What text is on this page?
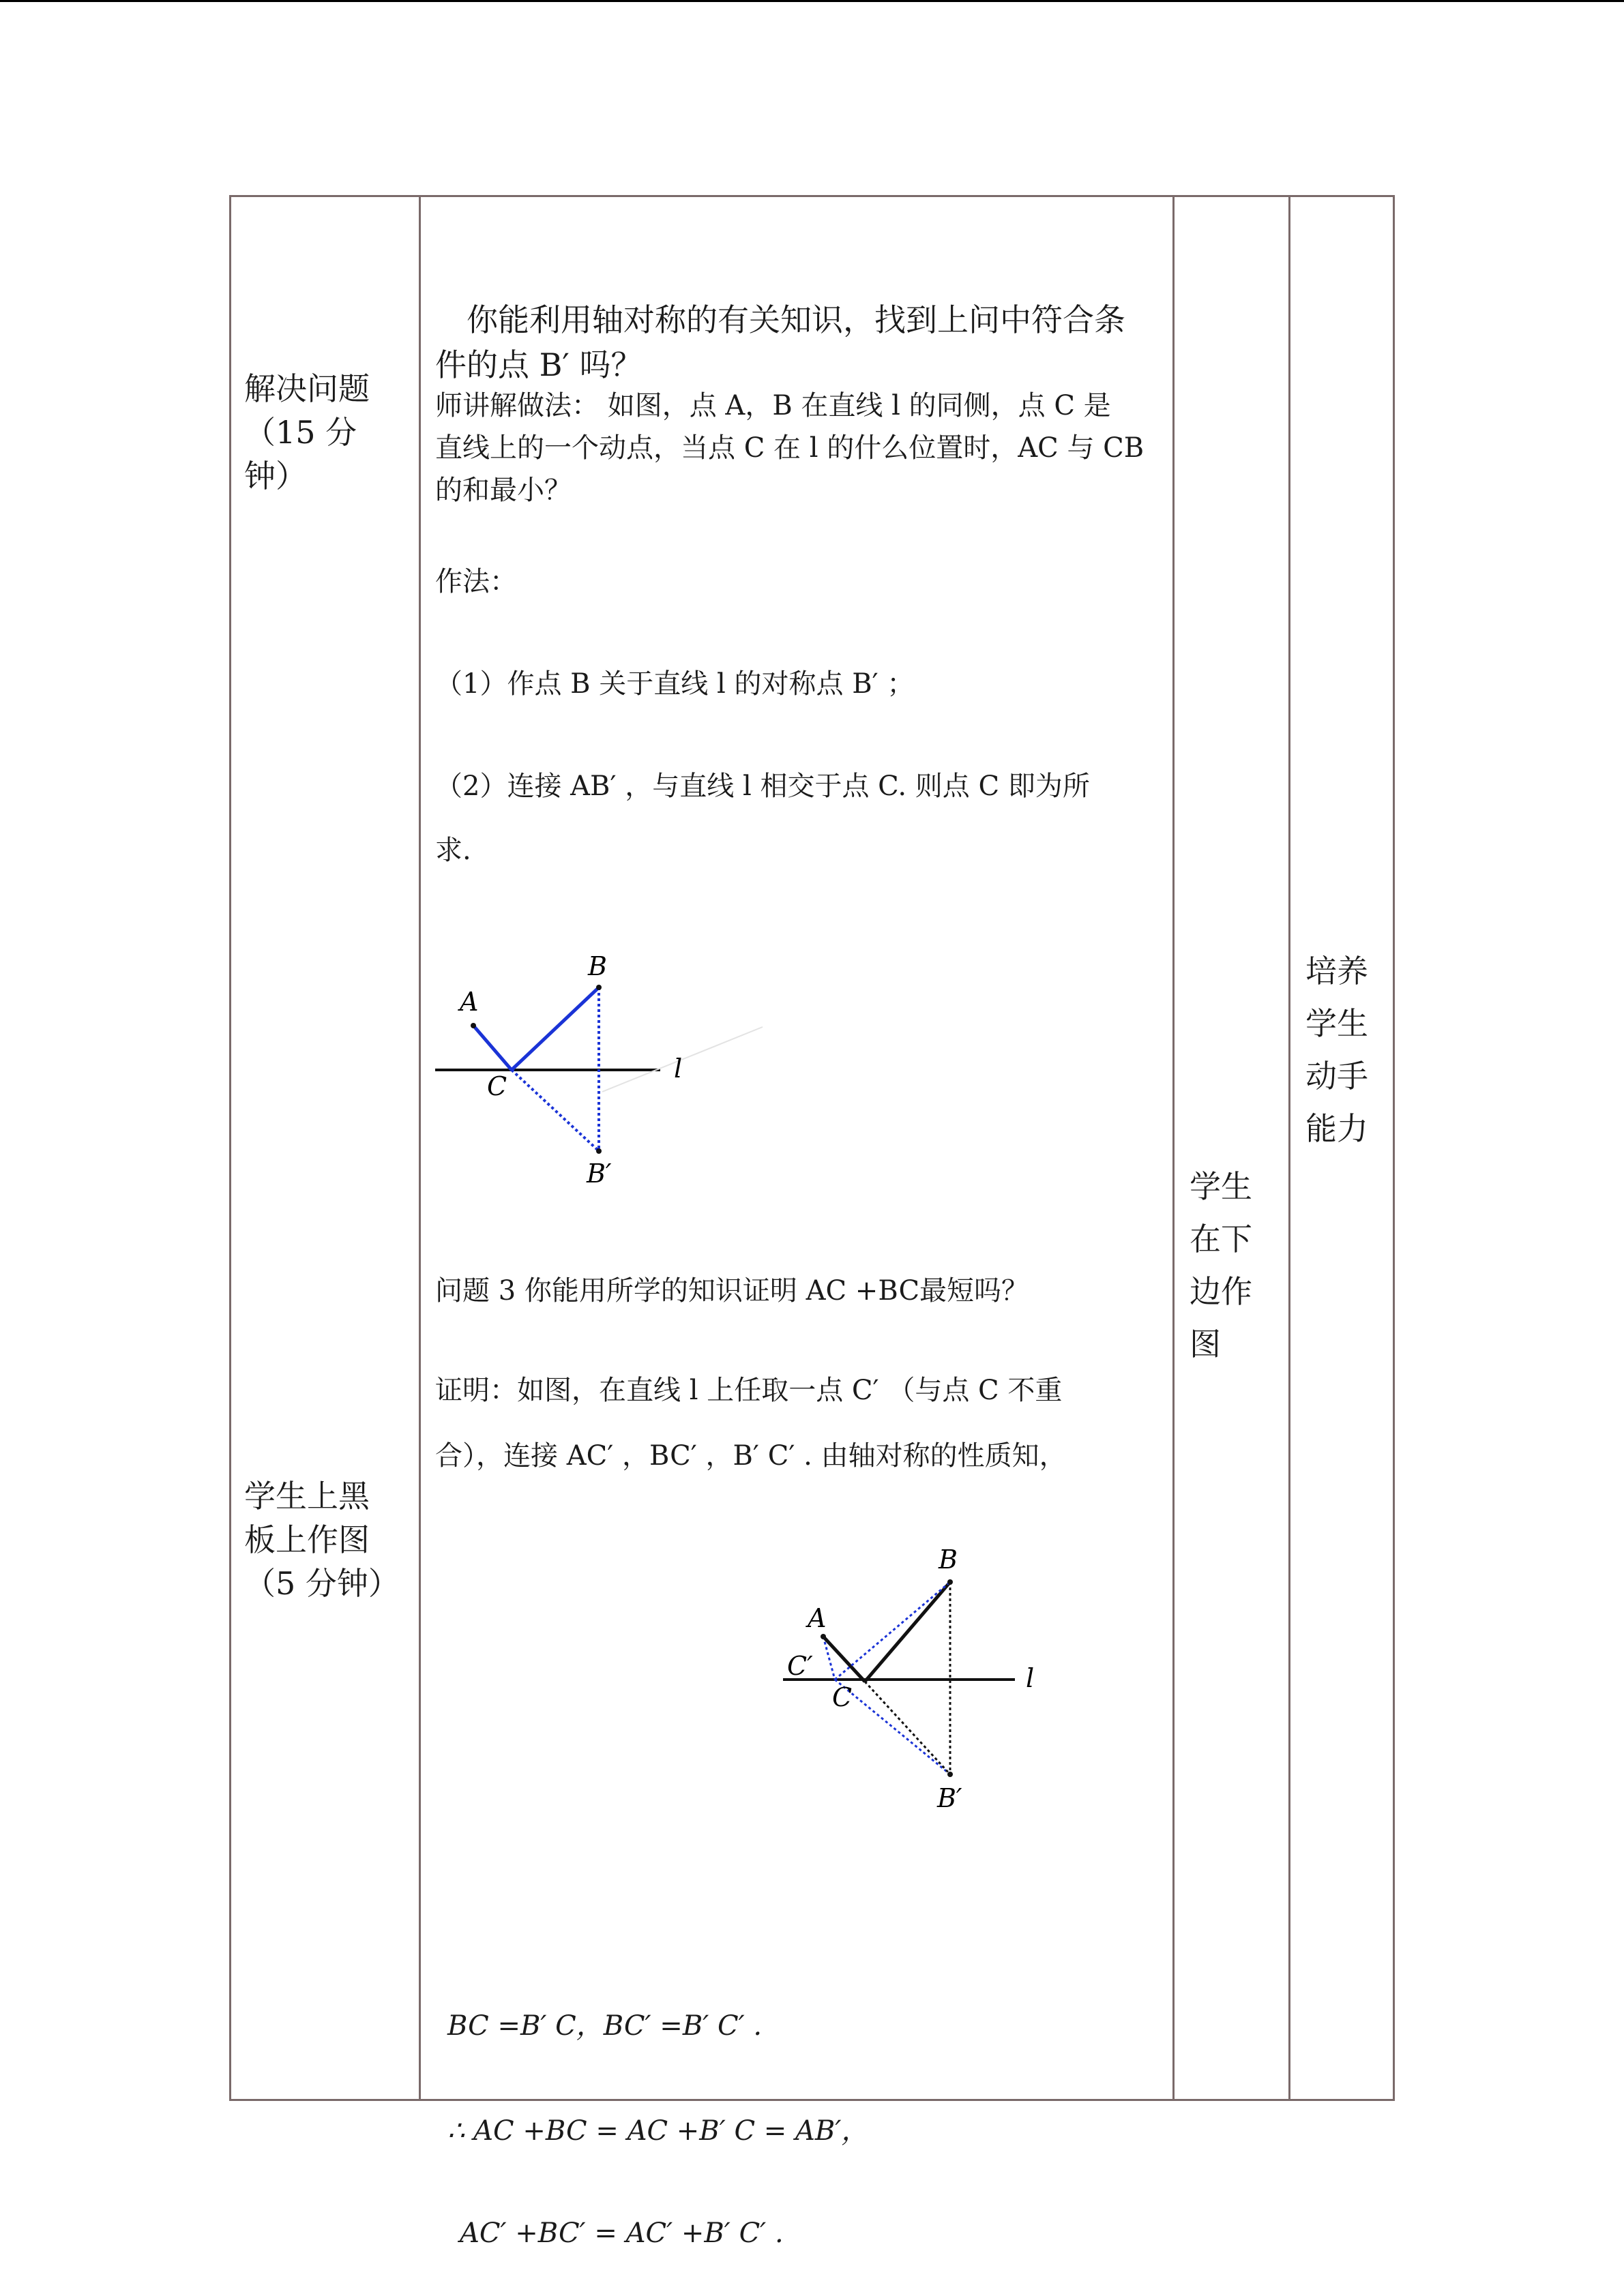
解决问题
（15 分
钟）
学生上黑
板上作图
（5 分钟）
学生
在下
边作
图
培养
学生
动手
能力
你能利用轴对称的有关知识，找到上问中符合条
件的点 B′ 吗？
师讲解做法： 如图，点 A，B 在直线 l 的同侧，点 C 是
直线上的一个动点，当点 C 在 l 的什么位置时，AC 与 CB
的和最小？
作法：
（1）作点 B 关于直线 l 的对称点 B′ ；
（2）连接 AB′ ，与直线 l 相交于点 C. 则点 C 即为所
求.
A
B
C
l
B′
问题 3 你能用所学的知识证明 AC +BC最短吗？
证明：如图，在直线 l 上任取一点 C′ （与点 C 不重
合），连接 AC′ ，BC′ ，B′ C′ . 由轴对称的性质知，
A
B
C′
C
l
B′
BC =B′ C，BC′ =B′ C′ .
∴ AC +BC = AC +B′ C = AB′，
AC′ +BC′ = AC′ +B′ C′ .
